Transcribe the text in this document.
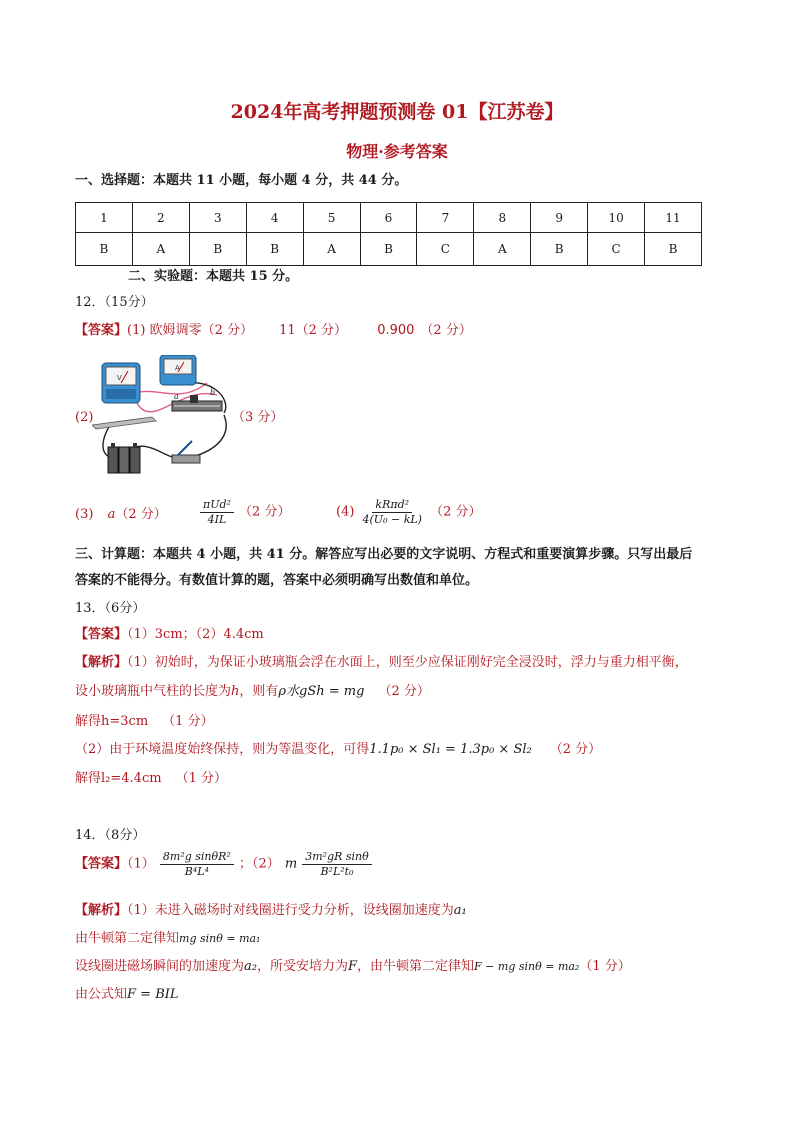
2024年高考押题预测卷 01【江苏卷】
物理·参考答案
一、选择题：本题共 11 小题，每小题 4 分，共 44 分。
1	2	3	4	5	6	7	8	9	10	11
B	A	B	B	A	B	C	A	B	C	B
二、实验题：本题共 15 分。
12．（15分）
【答案】(1) 欧姆调零（2 分） 11（2 分） 0.900 （2 分）
(2)
V
A
a	b
（3 分）
(3) a（2 分）	$\frac{\text{πUd²}}{4IL} (2$ 分）	$(4) \frac{\text{kRπd²}}{\text{4(U₀ − kL)}} (2$ 分）
三、计算题：本题共 4 小题，共 41 分。解答应写出必要的文字说明、方程式和重要演算步骤。只写出最后
答案的不能得分。有数值计算的题，答案中必须明确写出数值和单位。
13．（6分）
【答案】（1）3cm；（2）4.4cm
【解析】（1）初始时，为保证小玻璃瓶会浮在水面上，则至少应保证刚好完全浸没时，浮力与重力相平衡，
设小玻璃瓶中气柱的长度为h，则有ρ水gSh = mg （2 分）
解得h=3cm （1 分）
（2）由于环境温度始终保持，则为等温变化，可得1.1p₀ × Sl₁ = 1.3p₀ × Sl₂ （2 分）
解得l₂=4.4cm （1 分）
14．（8分）
【答案】$(1) \frac{\text{8m²g sinθR²}}{\text{B⁴L⁴}}$ ；（2） m $\frac{\text{3m²gR sinθ}}{\text{B²L²t₀}}$
【解析】（1）未进入磁场时对线圈进行受力分析，设线圈加速度为a₁
由牛顿第二定律知mg sinθ = ma₁
设线圈进磁场瞬间的加速度为a₂，所受安培力为F，由牛顿第二定律知F − mg sinθ = ma₂（1 分）
由公式知F = BIL
